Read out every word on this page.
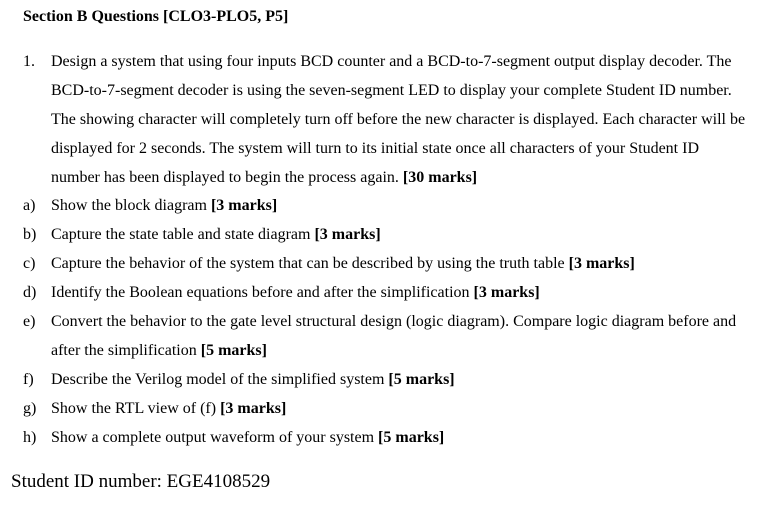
Section B Questions [CLO3-PLO5, P5]
1. Design a system that using four inputs BCD counter and a BCD-to-7-segment output display decoder. The BCD-to-7-segment decoder is using the seven-segment LED to display your complete Student ID number. The showing character will completely turn off before the new character is displayed. Each character will be displayed for 2 seconds. The system will turn to its initial state once all characters of your Student ID number has been displayed to begin the process again. [30 marks]
a) Show the block diagram [3 marks]
b) Capture the state table and state diagram [3 marks]
c) Capture the behavior of the system that can be described by using the truth table [3 marks]
d) Identify the Boolean equations before and after the simplification [3 marks]
e) Convert the behavior to the gate level structural design (logic diagram). Compare logic diagram before and after the simplification [5 marks]
f)	Describe the Verilog model of the simplified system [5 marks]
g) Show the RTL view of (f) [3 marks]
h) Show a complete output waveform of your system [5 marks]
Student ID number: EGE4108529
